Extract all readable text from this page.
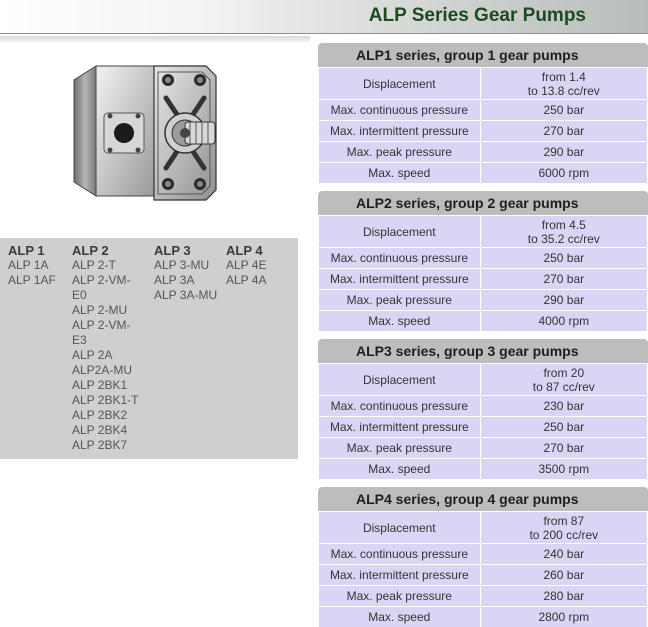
ALP Series Gear Pumps
ALP 1
ALP 1A
ALP 1AF
ALP 2
ALP 2-T
ALP 2-VM-
E0
ALP 2-MU
ALP 2-VM-
E3
ALP 2A
ALP2A-MU
ALP 2BK1
ALP 2BK1-T
ALP 2BK2
ALP 2BK4
ALP 2BK7
ALP 3
ALP 3-MU
ALP 3A
ALP 3A-MU
ALP 4
ALP 4E
ALP 4A
ALP1 series, group 1 gear pumps
Displacement	from 1.4
to 13.8 cc/rev
Max. continuous pressure	250 bar
Max. intermittent pressure	270 bar
Max. peak pressure	290 bar
Max. speed	6000 rpm
ALP2 series, group 2 gear pumps
Displacement	from 4.5
to 35.2 cc/rev
Max. continuous pressure	250 bar
Max. intermittent pressure	270 bar
Max. peak pressure	290 bar
Max. speed	4000 rpm
ALP3 series, group 3 gear pumps
Displacement	from 20
to 87 cc/rev
Max. continuous pressure	230 bar
Max. intermittent pressure	250 bar
Max. peak pressure	270 bar
Max. speed	3500 rpm
ALP4 series, group 4 gear pumps
Displacement	from 87
to 200 cc/rev
Max. continuous pressure	240 bar
Max. intermittent pressure	260 bar
Max. peak pressure	280 bar
Max. speed	2800 rpm
